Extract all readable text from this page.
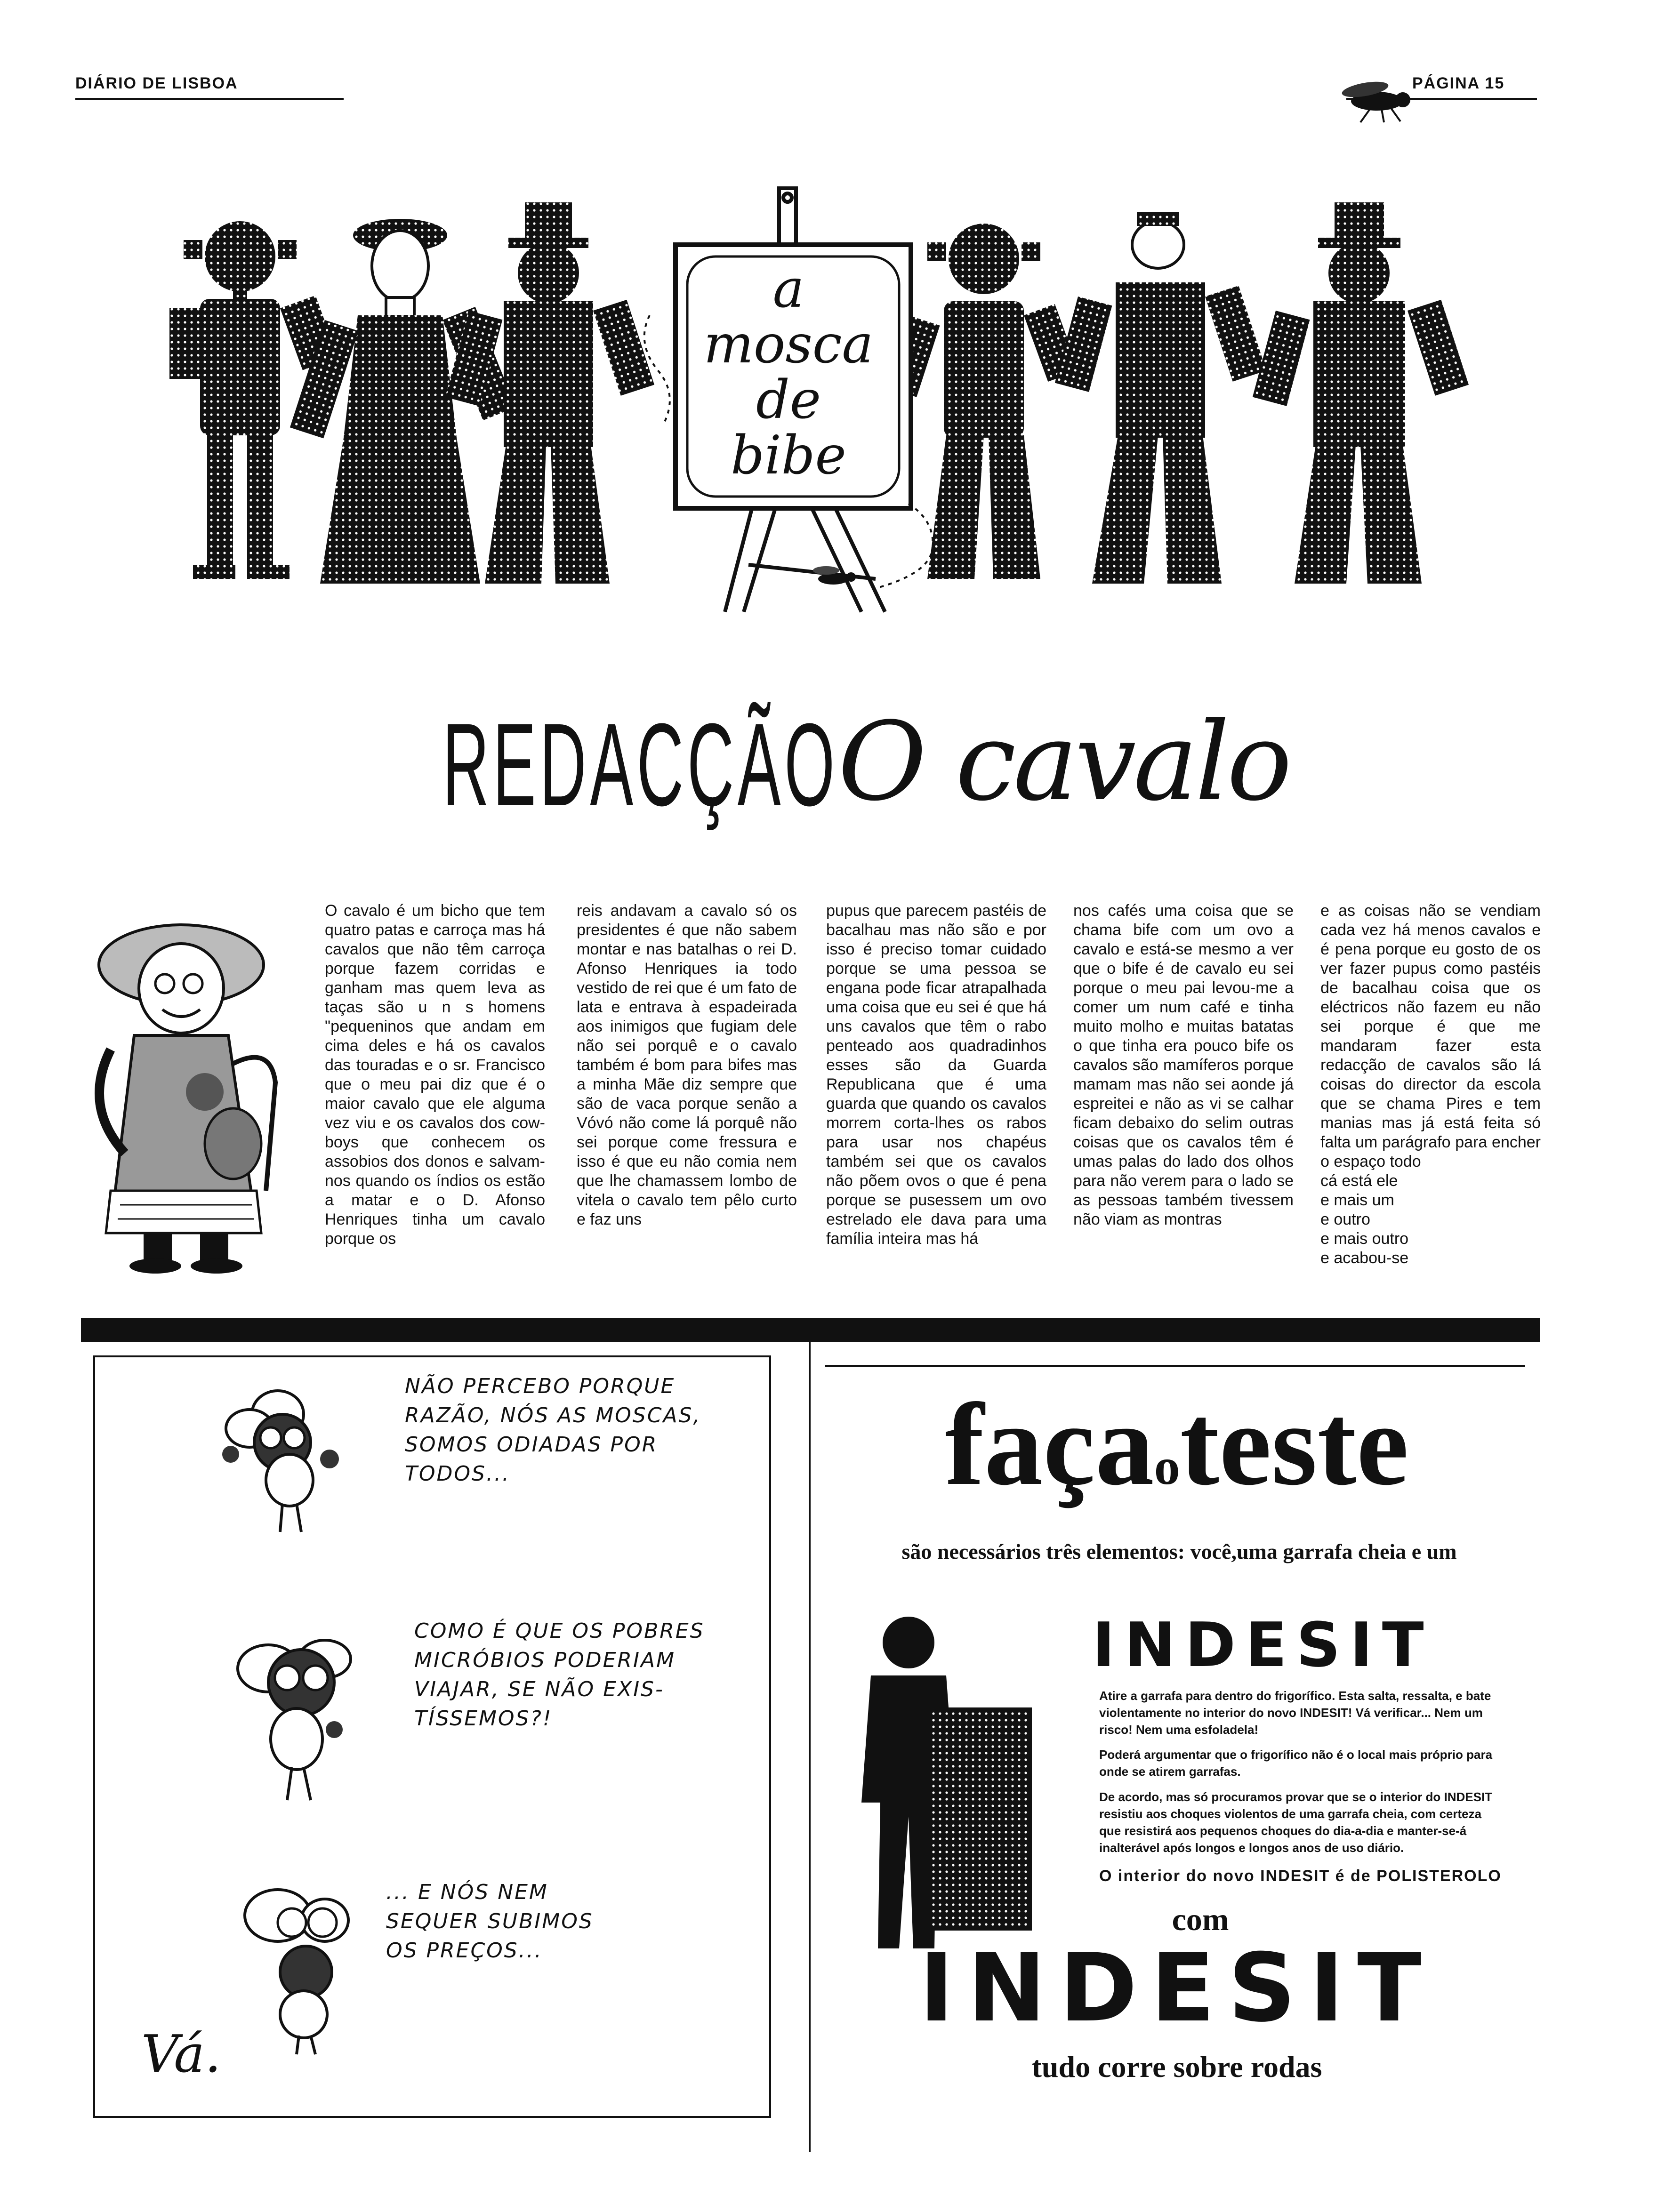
DIÁRIO DE LISBOA	PÁGINA 15
a
mosca
de
bibe
REDACÇÃO O cavalo
O cavalo é um bicho que tem quatro patas e carroça mas há cavalos que não têm carroça porque fazem corridas e ganham mas quem leva as taças são u n s homens "pequeninos que andam em cima deles e há os cavalos das touradas e o sr. Francisco que o meu pai diz que é o maior cavalo que ele alguma vez viu e os cavalos dos cow-boys que conhecem os assobios dos donos e salvam-nos quando os índios os estão a matar e o D. Afonso Henriques tinha um cavalo porque os
reis andavam a cavalo só os presidentes é que não sabem montar e nas batalhas o rei D. Afonso Henriques ia todo vestido de rei que é um fato de lata e entrava à espadeirada aos inimigos que fugiam dele não sei porquê e o cavalo também é bom para bifes mas a minha Mãe diz sempre que são de vaca porque senão a Vóvó não come lá porquê não sei porque come fressura e isso é que eu não comia nem que lhe chamassem lombo de vitela o cavalo tem pêlo curto e faz uns
pupus que parecem pastéis de bacalhau mas não são e por isso é preciso tomar cuidado porque se uma pessoa se engana pode ficar atrapalhada uma coisa que eu sei é que há uns cavalos que têm o rabo penteado aos quadradinhos esses são da Guarda Republicana que é uma guarda que quando os cavalos morrem corta-lhes os rabos para usar nos chapéus também sei que os cavalos não põem ovos o que é pena porque se pusessem um ovo estrelado ele dava para uma família inteira mas há
nos cafés uma coisa que se chama bife com um ovo a cavalo e está-se mesmo a ver que o bife é de cavalo eu sei porque o meu pai levou-me a comer um num café e tinha muito molho e muitas batatas o que tinha era pouco bife os cavalos são mamíferos porque mamam mas não sei aonde já espreitei e não as vi se calhar ficam debaixo do selim outras coisas que os cavalos têm é umas palas do lado dos olhos para não verem para o lado se as pessoas também tivessem não viam as montras
e as coisas não se vendiam cada vez há menos cavalos e é pena porque eu gosto de os ver fazer pupus como pastéis de bacalhau coisa que os eléctricos não fazem eu não sei porque é que me mandaram fazer esta redacção de cavalos são lá coisas do director da escola que se chama Pires e tem manias mas já está feita só falta um parágrafo para encher o espaço todo
cá está ele
e mais um
e outro
e mais outro
e acabou-se
NÃO PERCEBO PORQUE
RAZÃO, NÓS AS MOSCAS,
SOMOS ODIADAS POR
TODOS...
COMO É QUE OS POBRES
MICRÓBIOS PODERIAM
VIAJAR, SE NÃO EXIS-
TÍSSEMOS?!
... E NÓS NEM
SEQUER SUBIMOS
OS PREÇOS...
Vá.
façaoteste
são necessários três elementos: você,uma garrafa cheia e um
INDESIT
Atire a garrafa para dentro do frigorífico. Esta salta, ressalta, e bate violentamente no interior do novo INDESIT! Vá verificar... Nem um risco! Nem uma esfoladela!
Poderá argumentar que o frigorífico não é o local mais próprio para onde se atirem garrafas.
De acordo, mas só procuramos provar que se o interior do INDESIT resistiu aos choques violentos de uma garrafa cheia, com certeza que resistirá aos pequenos choques do dia-a-dia e manter-se-á inalterável após longos e longos anos de uso diário.
O interior do novo INDESIT é de POLISTEROLO
com
INDESIT
tudo corre sobre rodas
